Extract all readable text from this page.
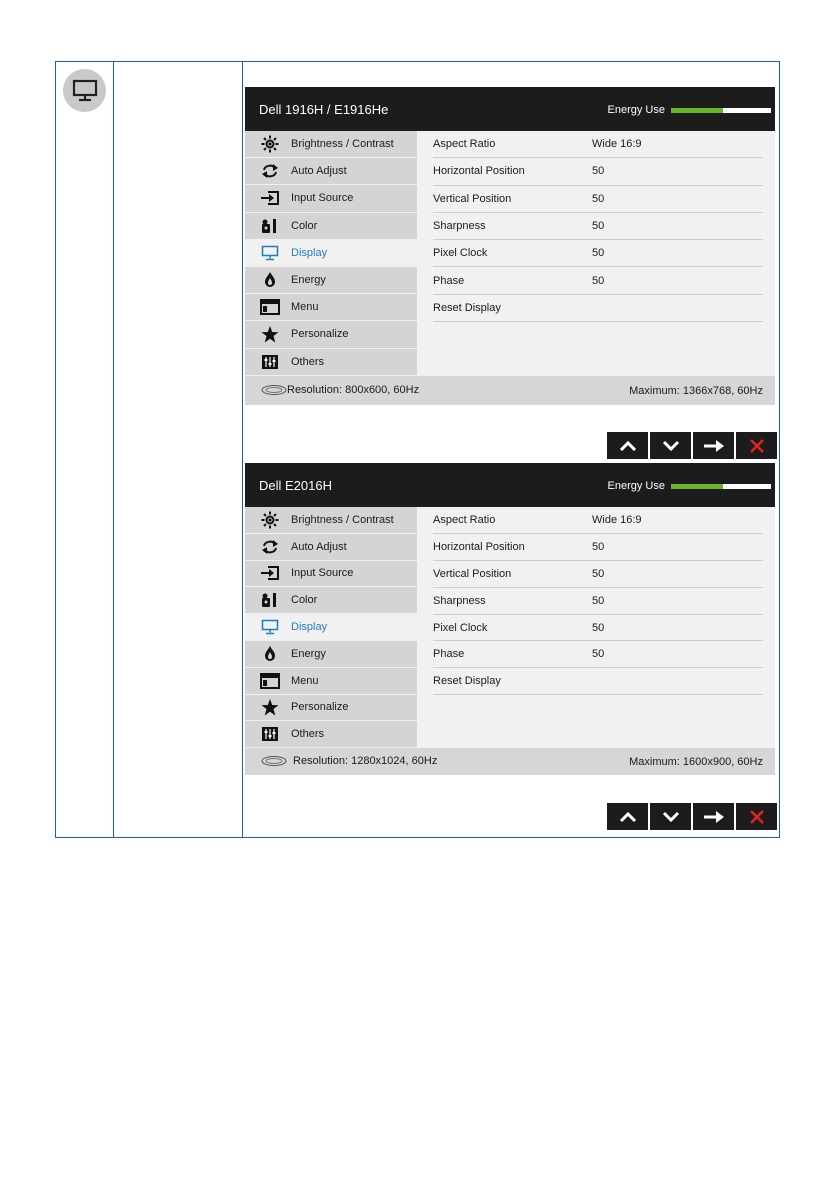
Dell 1916H / E1916He	Energy Use
Brightness / Contrast
Auto Adjust
Input Source
Color
Display
Energy
Menu
Personalize
Others
Aspect Ratio	Wide 16:9
Horizontal Position	50
Vertical Position	50
Sharpness	50
Pixel Clock	50
Phase	50
Reset Display
Resolution: 800x600, 60Hz	Maximum: 1366x768, 60Hz
Dell E2016H	Energy Use
Brightness / Contrast
Auto Adjust
Input Source
Color
Display
Energy
Menu
Personalize
Others
Aspect Ratio	Wide 16:9
Horizontal Position	50
Vertical Position	50
Sharpness	50
Pixel Clock	50
Phase	50
Reset Display
Resolution: 1280x1024, 60Hz	Maximum: 1600x900, 60Hz
